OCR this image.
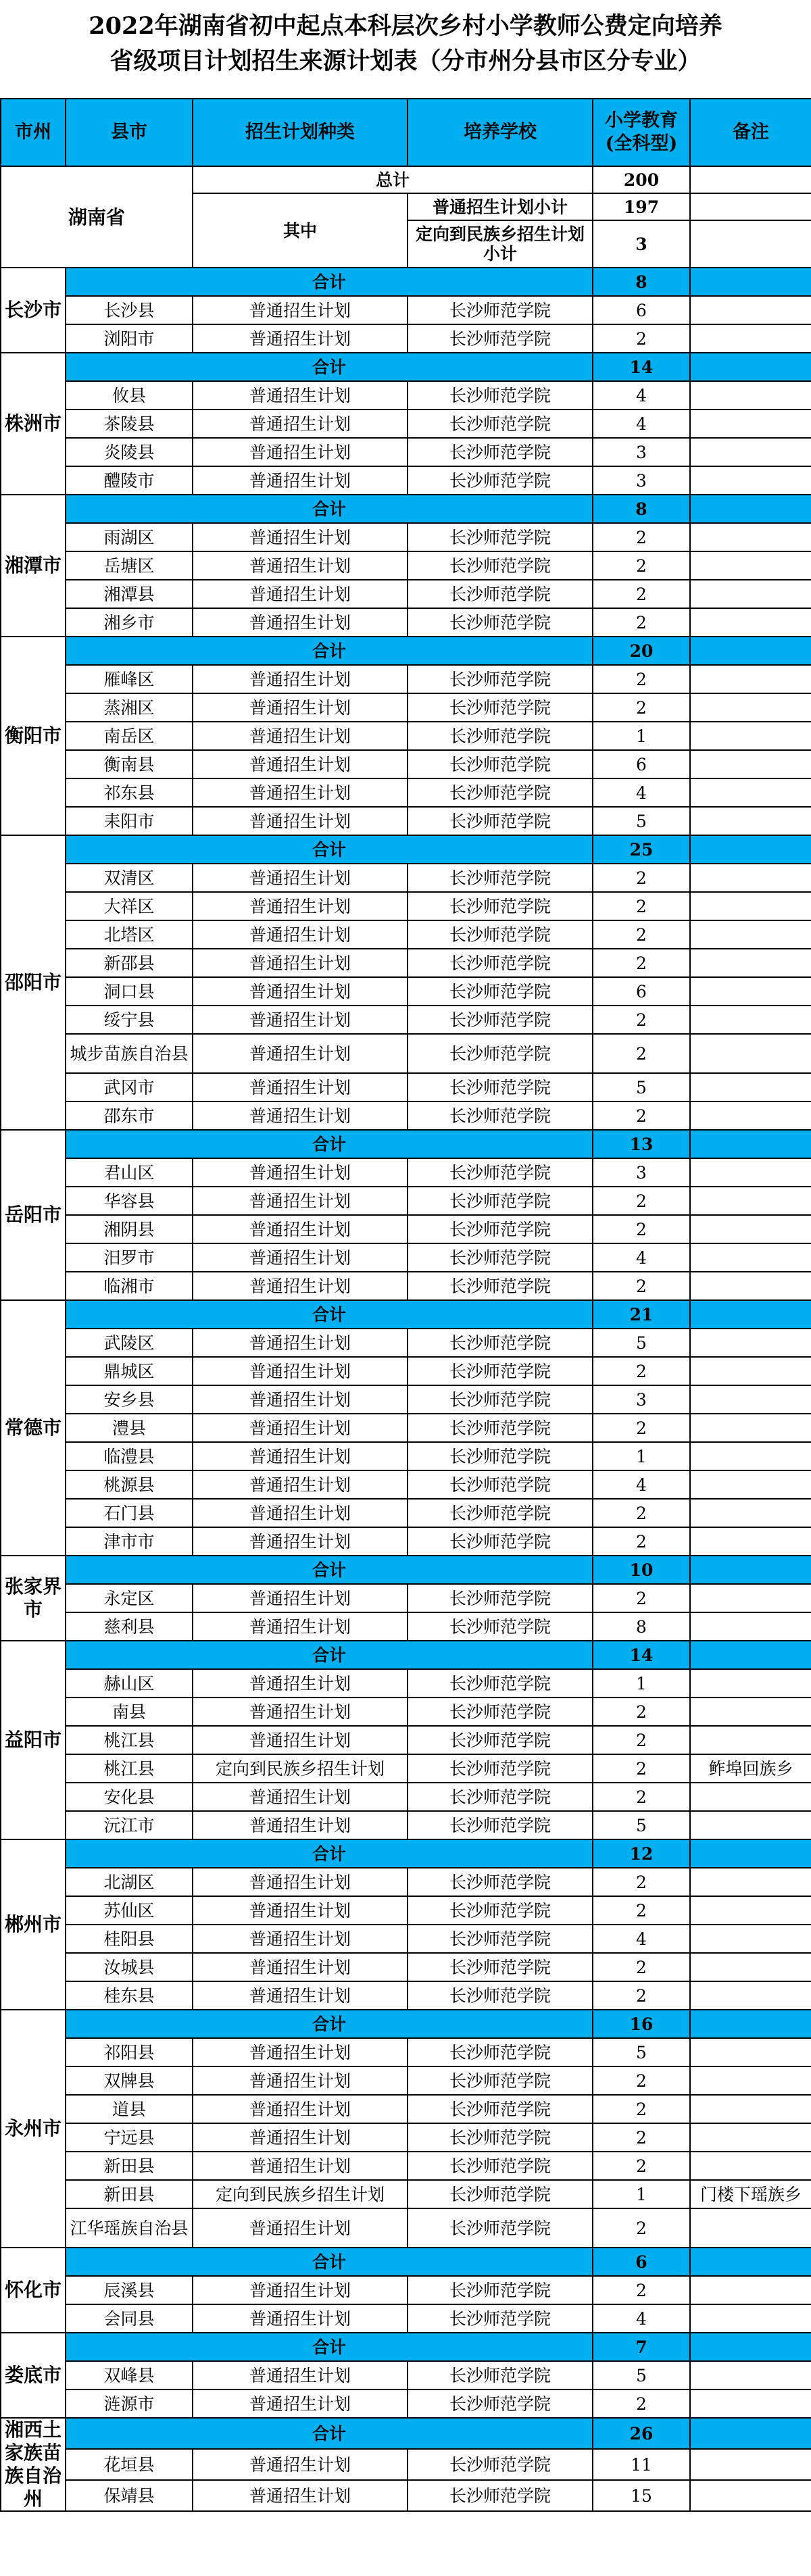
2022年湖南省初中起点本科层次乡村小学教师公费定向培养
省级项目计划招生来源计划表（分市州分县市区分专业）
市州	县市	招生计划种类	培养学校	小学教育(全科型)	备注
湖南省		总计		200	
		其中	普通招生计划小计	197	
			定向到民族乡招生计划小计	3	
长沙市	合计			8	
	长沙县	普通招生计划	长沙师范学院	6	
	浏阳市	普通招生计划	长沙师范学院	2	
株洲市	合计			14	
	攸县	普通招生计划	长沙师范学院	4	
	茶陵县	普通招生计划	长沙师范学院	4	
	炎陵县	普通招生计划	长沙师范学院	3	
	醴陵市	普通招生计划	长沙师范学院	3	
湘潭市	合计			8	
	雨湖区	普通招生计划	长沙师范学院	2	
	岳塘区	普通招生计划	长沙师范学院	2	
	湘潭县	普通招生计划	长沙师范学院	2	
	湘乡市	普通招生计划	长沙师范学院	2	
衡阳市	合计			20	
	雁峰区	普通招生计划	长沙师范学院	2	
	蒸湘区	普通招生计划	长沙师范学院	2	
	南岳区	普通招生计划	长沙师范学院	1	
	衡南县	普通招生计划	长沙师范学院	6	
	祁东县	普通招生计划	长沙师范学院	4	
	耒阳市	普通招生计划	长沙师范学院	5	
邵阳市	合计			25	
	双清区	普通招生计划	长沙师范学院	2	
	大祥区	普通招生计划	长沙师范学院	2	
	北塔区	普通招生计划	长沙师范学院	2	
	新邵县	普通招生计划	长沙师范学院	2	
	洞口县	普通招生计划	长沙师范学院	6	
	绥宁县	普通招生计划	长沙师范学院	2	
	城步苗族自治县	普通招生计划	长沙师范学院	2	
	武冈市	普通招生计划	长沙师范学院	5	
	邵东市	普通招生计划	长沙师范学院	2	
岳阳市	合计			13	
	君山区	普通招生计划	长沙师范学院	3	
	华容县	普通招生计划	长沙师范学院	2	
	湘阴县	普通招生计划	长沙师范学院	2	
	汨罗市	普通招生计划	长沙师范学院	4	
	临湘市	普通招生计划	长沙师范学院	2	
常德市	合计			21	
	武陵区	普通招生计划	长沙师范学院	5	
	鼎城区	普通招生计划	长沙师范学院	2	
	安乡县	普通招生计划	长沙师范学院	3	
	澧县	普通招生计划	长沙师范学院	2	
	临澧县	普通招生计划	长沙师范学院	1	
	桃源县	普通招生计划	长沙师范学院	4	
	石门县	普通招生计划	长沙师范学院	2	
	津市市	普通招生计划	长沙师范学院	2	
张家界市	合计			10	
	永定区	普通招生计划	长沙师范学院	2	
	慈利县	普通招生计划	长沙师范学院	8	
益阳市	合计			14	
	赫山区	普通招生计划	长沙师范学院	1	
	南县	普通招生计划	长沙师范学院	2	
	桃江县	普通招生计划	长沙师范学院	2	
	桃江县	定向到民族乡招生计划	长沙师范学院	2	鲊埠回族乡
	安化县	普通招生计划	长沙师范学院	2	
	沅江市	普通招生计划	长沙师范学院	5	
郴州市	合计			12	
	北湖区	普通招生计划	长沙师范学院	2	
	苏仙区	普通招生计划	长沙师范学院	2	
	桂阳县	普通招生计划	长沙师范学院	4	
	汝城县	普通招生计划	长沙师范学院	2	
	桂东县	普通招生计划	长沙师范学院	2	
永州市	合计			16	
	祁阳县	普通招生计划	长沙师范学院	5	
	双牌县	普通招生计划	长沙师范学院	2	
	道县	普通招生计划	长沙师范学院	2	
	宁远县	普通招生计划	长沙师范学院	2	
	新田县	普通招生计划	长沙师范学院	2	
	新田县	定向到民族乡招生计划	长沙师范学院	1	门楼下瑶族乡
	江华瑶族自治县	普通招生计划	长沙师范学院	2	
怀化市	合计			6	
	辰溪县	普通招生计划	长沙师范学院	2	
	会同县	普通招生计划	长沙师范学院	4	
娄底市	合计			7	
	双峰县	普通招生计划	长沙师范学院	5	
	涟源市	普通招生计划	长沙师范学院	2	
湘西土家族苗族自治州	合计			26	
	花垣县	普通招生计划	长沙师范学院	11	
	保靖县	普通招生计划	长沙师范学院	15	
